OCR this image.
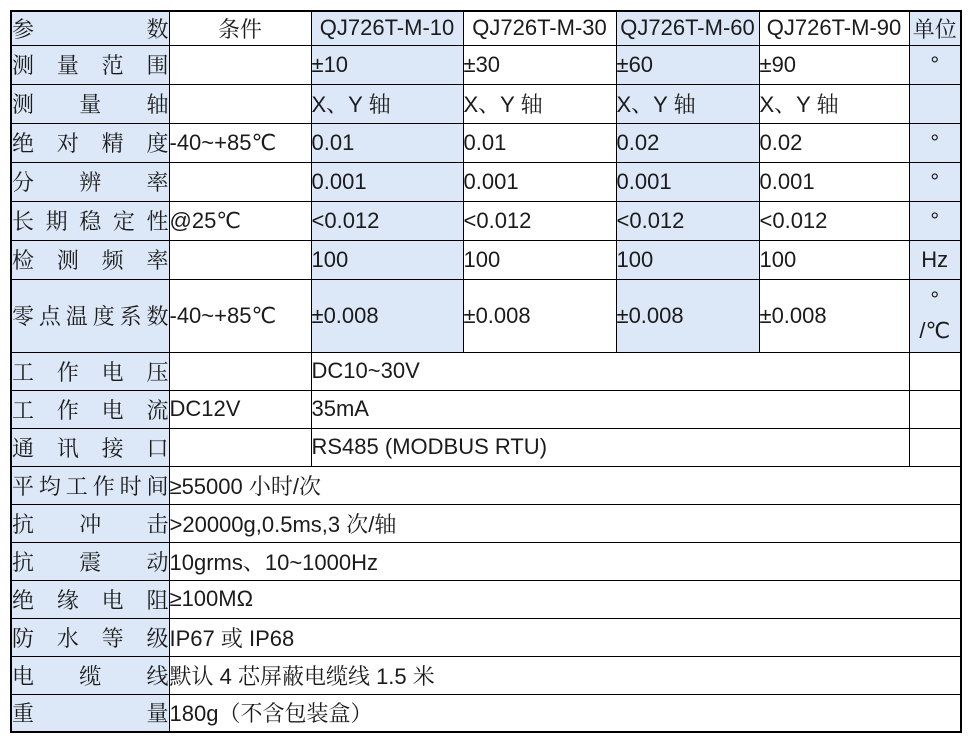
参数	条件	QJ726T-M-10	QJ726T-M-30	QJ726T-M-60	QJ726T-M-90	单位
测量范围		±10	±30	±60	±90	°
测量轴		X、Y 轴	X、Y 轴	X、Y 轴	X、Y 轴	
绝对精度	-40~+85℃	0.01	0.01	0.02	0.02	°
分辨率		0.001	0.001	0.001	0.001	°
长期稳定性	@25℃	<0.012	<0.012	<0.012	<0.012	°
检测频率		100	100	100	100	Hz
零点温度系数	-40~+85℃	±0.008	±0.008	±0.008	±0.008	°
/℃

工作电压		DC10~30V				
工作电流	DC12V	35mA				
通讯接口		RS485 (MODBUS RTU)				
平均工作时间	≥55000 小时/次					
抗冲击	>20000g,0.5ms,3 次/轴					
抗震动	10grms、10~1000Hz					
绝缘电阻	≥100MΩ					
防水等级	IP67 或 IP68					
电缆线	默认 4 芯屏蔽电缆线 1.5 米					
重量	180g（不含包装盒）					
